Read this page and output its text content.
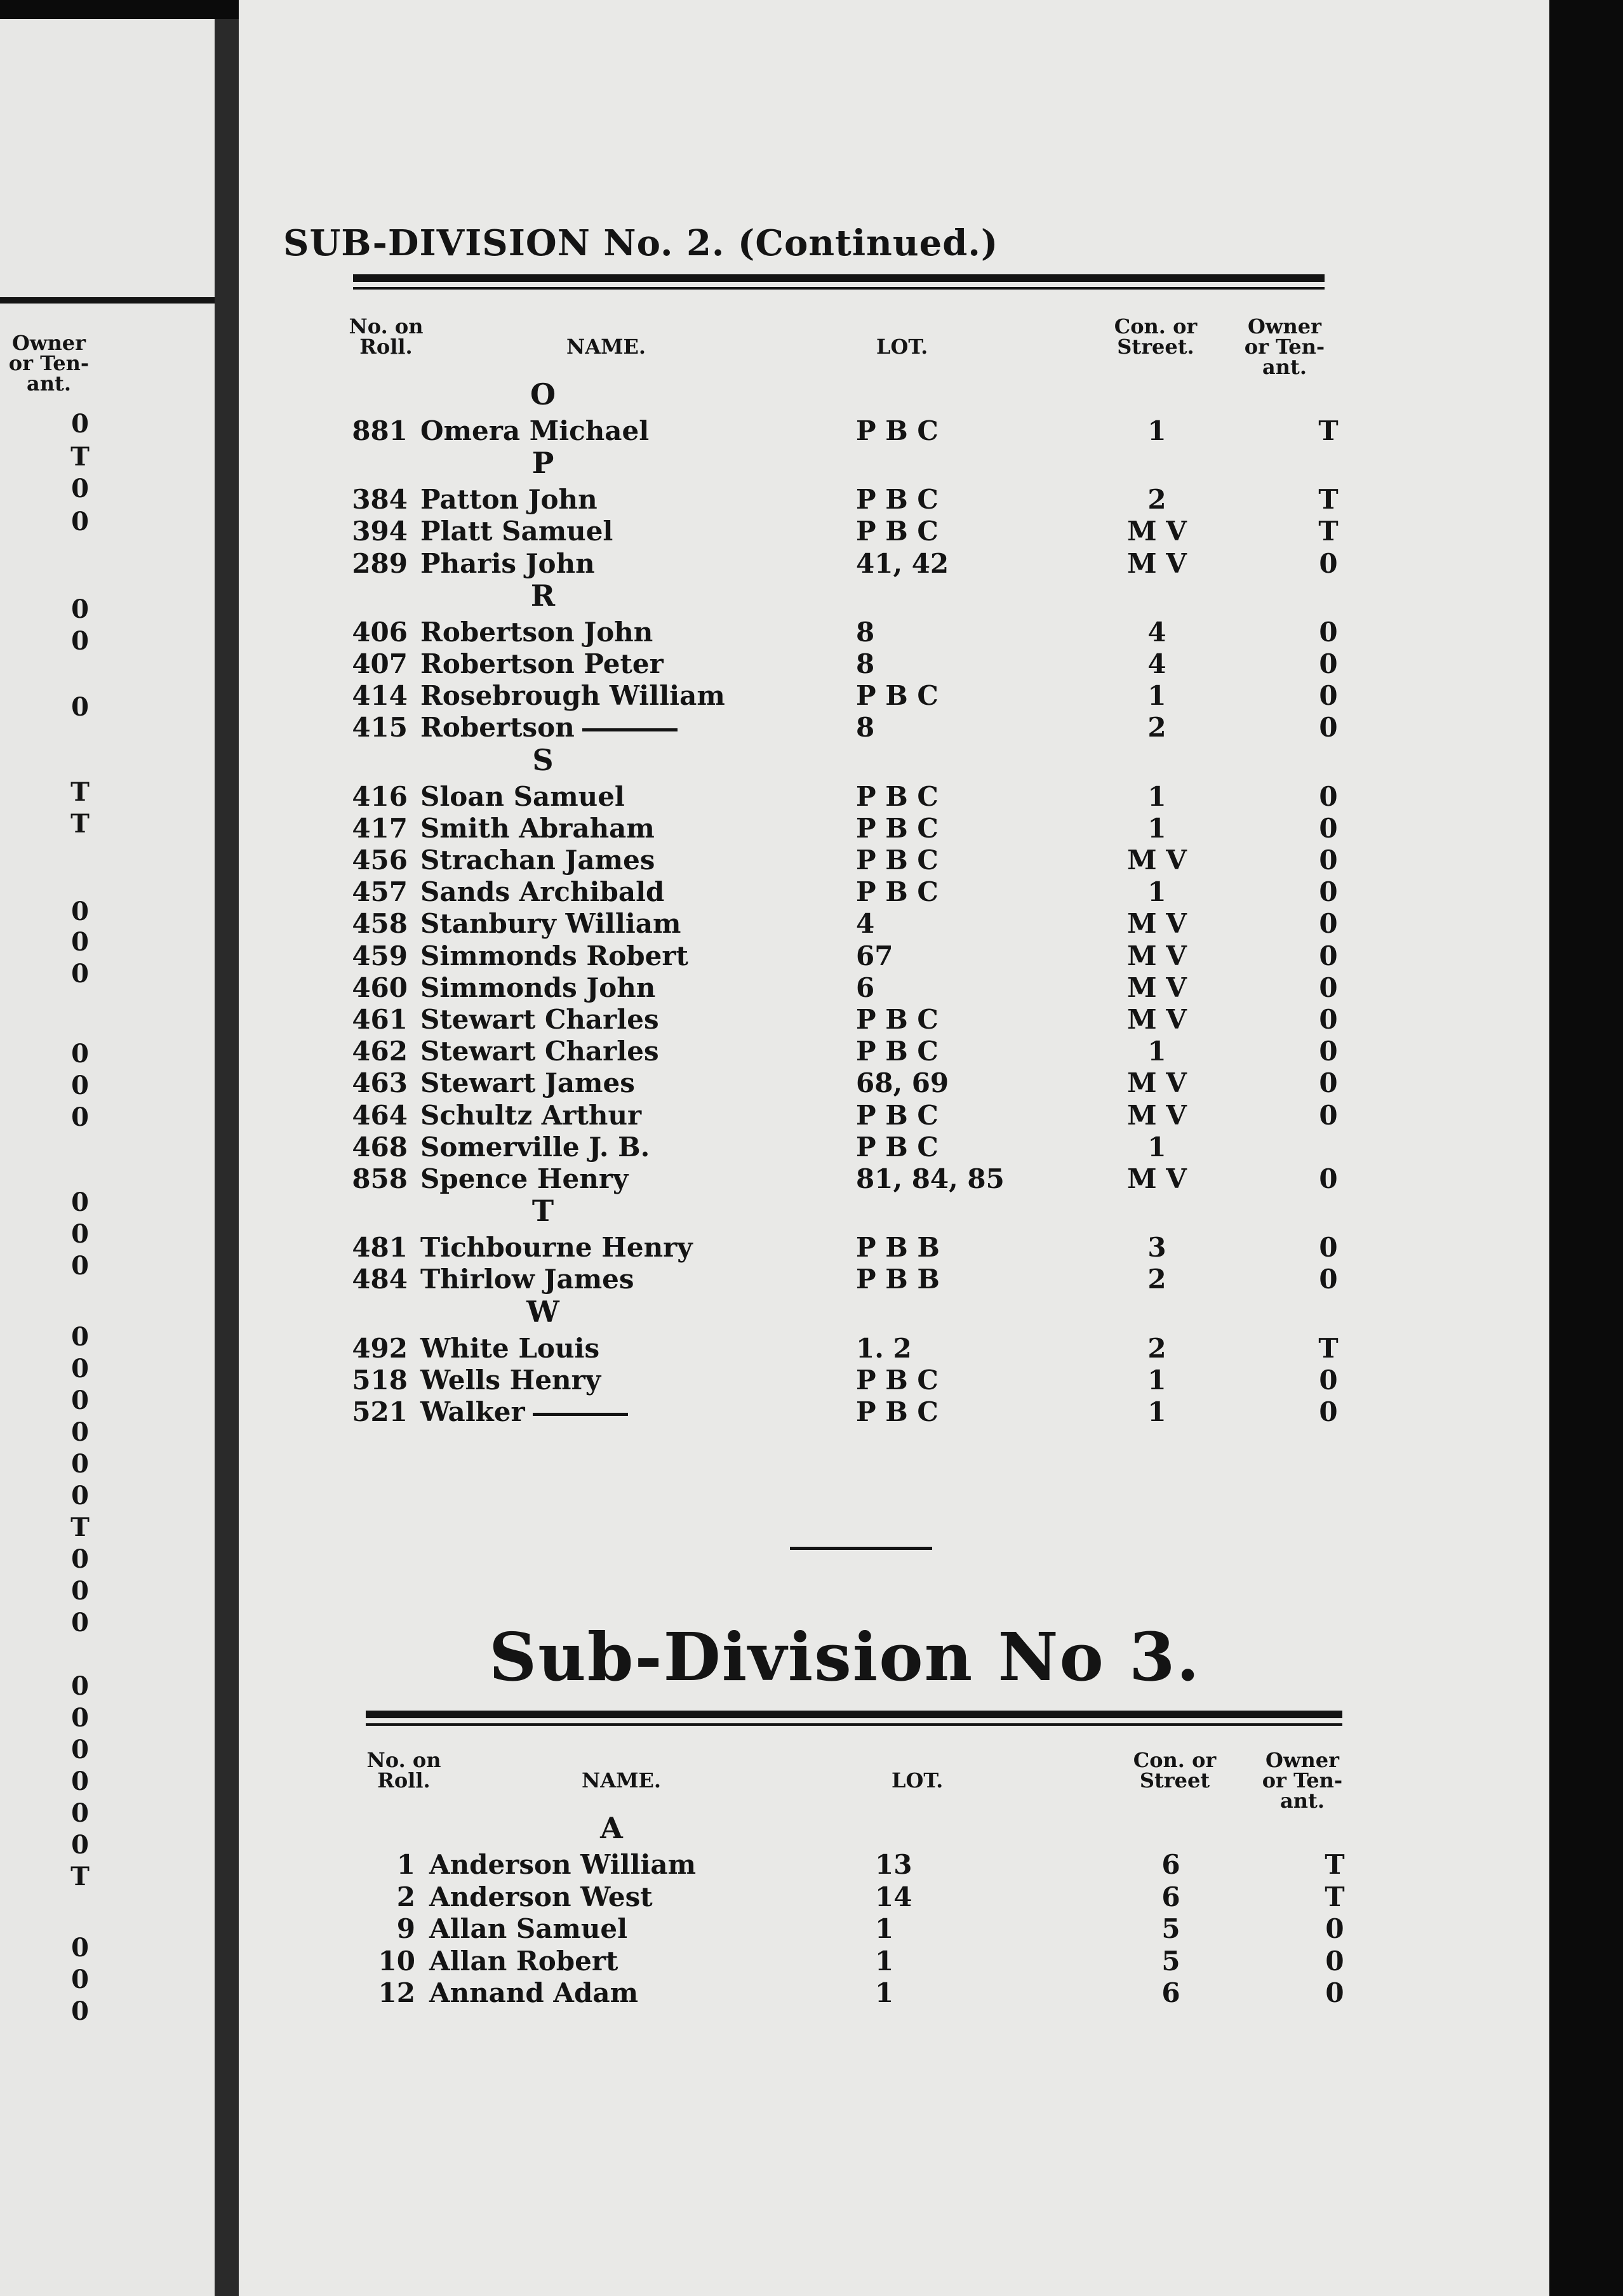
Owner
or Ten-
ant.
0
T
0
0
0
0
0
T
T
0
0
0
0
0
0
0
0
0
0
0
0
0
0
0
T
0
0
0
0
0
0
0
0
0
T
0
0
0
SUB-DIVISION No. 2. (Continued.)
No. on
Roll.	NAME.	LOT.
Con. or
Street.
Owner
or Ten-
ant.
O
881 Omera Michael	P B C	1	T
P
384 Patton John	P B C	2	T
394 Platt Samuel	P B C	M V	T
289 Pharis John	41, 42	M V	0
R
406 Robertson John	8	4	0
407 Robertson Peter	8	4	0
414 Rosebrough William	P B C	1	0
415 Robertson	8	2	0
S
416 Sloan Samuel	P B C	1	0
417 Smith Abraham	P B C	1	0
456 Strachan James	P B C	M V	0
457 Sands Archibald	P B C	1	0
458 Stanbury William	4	M V	0
459 Simmonds Robert	67	M V	0
460 Simmonds John	6	M V	0
461 Stewart Charles	P B C	M V	0
462 Stewart Charles	P B C	1	0
463 Stewart James	68, 69	M V	0
464 Schultz Arthur	P B C	M V	0
468 Somerville J. B.	P B C	1
858 Spence Henry	81, 84, 85	M V	0
T
481 Tichbourne Henry	P B B	3	0
484 Thirlow James	P B B	2	0
W
492 White Louis	1. 2	2	T
518 Wells Henry	P B C	1	0
521 Walker	P B C	1	0
Sub-Division No 3.
No. on
Roll.	NAME.	LOT.
Con. or
Street
Owner
or Ten-
ant.
A
1 Anderson William	13	6	T
2 Anderson West	14	6	T
9 Allan Samuel	1	5	0
10 Allan Robert	1	5	0
12 Annand Adam	1	6	0
